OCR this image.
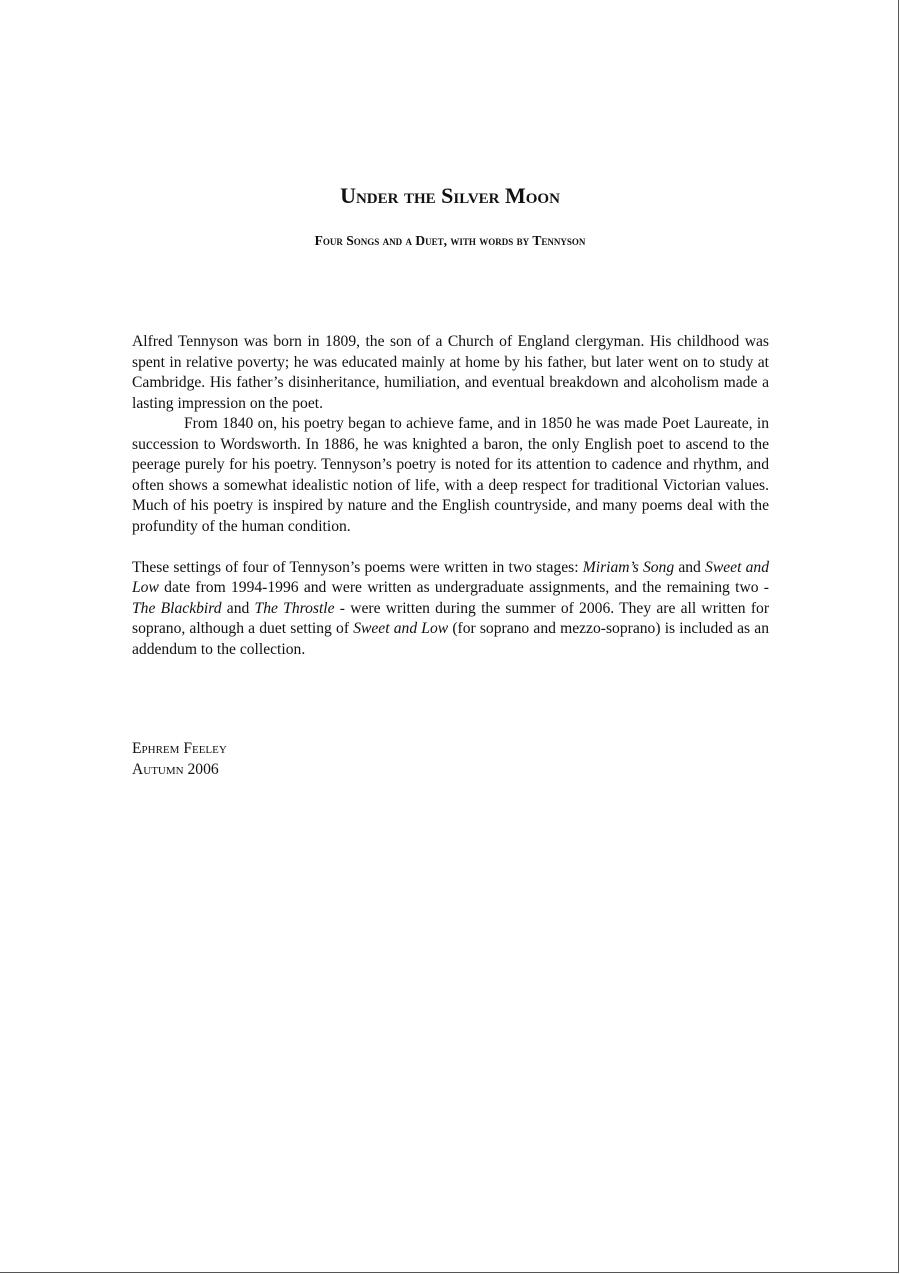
Under the Silver Moon
Four Songs and a Duet, with words by Tennyson

Alfred Tennyson was born in 1809, the son of a Church of England clergyman. His childhood was spent in relative poverty; he was educated mainly at home by his father, but later went on to study at Cambridge. His father’s disinheritance, humiliation, and eventual breakdown and alcoholism made a lasting impression on the poet.

From 1840 on, his poetry began to achieve fame, and in 1850 he was made Poet Laureate, in succession to Wordsworth. In 1886, he was knighted a baron, the only English poet to ascend to the peerage purely for his poetry. Tennyson’s poetry is noted for its attention to cadence and rhythm, and often shows a somewhat idealistic notion of life, with a deep respect for traditional Victorian values. Much of his poetry is inspired by nature and the English countryside, and many poems deal with the profundity of the human condition.

These settings of four of Tennyson’s poems were written in two stages: Miriam’s Song and Sweet and Low date from 1994-1996 and were written as undergraduate assignments, and the remaining two - The Blackbird and The Throstle - were written during the summer of 2006. They are all written for soprano, although a duet setting of Sweet and Low (for soprano and mezzo-soprano) is included as an addendum to the collection.

Ephrem Feeley
Autumn 2006
